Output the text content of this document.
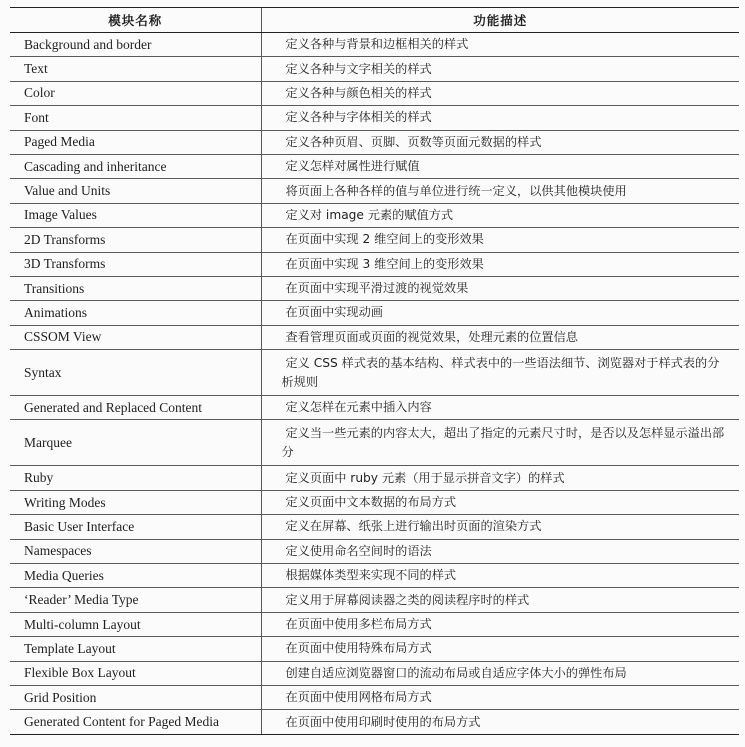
模块名称	功能描述
Background and border	定义各种与背景和边框相关的样式

Text	定义各种与文字相关的样式

Color	定义各种与颜色相关的样式

Font	定义各种与字体相关的样式

Paged Media	定义各种页眉、页脚、页数等页面元数据的样式

Cascading and inheritance	定义怎样对属性进行赋值

Value and Units	将页面上各种各样的值与单位进行统一定义，以供其他模块使用

Image Values	定义对 image 元素的赋值方式

2D Transforms	在页面中实现 2 维空间上的变形效果

3D Transforms	在页面中实现 3 维空间上的变形效果

Transitions	在页面中实现平滑过渡的视觉效果

Animations	在页面中实现动画

CSSOM View	查看管理页面或页面的视觉效果，处理元素的位置信息

Syntax	定义 CSS 样式表的基本结构、样式表中的一些语法细节、浏览器对于样式表的分析规则

Generated and Replaced Content	定义怎样在元素中插入内容

Marquee	定义当一些元素的内容太大，超出了指定的元素尺寸时，是否以及怎样显示溢出部分

Ruby	定义页面中 ruby 元素（用于显示拼音文字）的样式

Writing Modes	定义页面中文本数据的布局方式

Basic User Interface	定义在屏幕、纸张上进行输出时页面的渲染方式

Namespaces	定义使用命名空间时的语法

Media Queries	根据媒体类型来实现不同的样式

‘Reader’ Media Type	定义用于屏幕阅读器之类的阅读程序时的样式

Multi-column Layout	在页面中使用多栏布局方式

Template Layout	在页面中使用特殊布局方式

Flexible Box Layout	创建自适应浏览器窗口的流动布局或自适应字体大小的弹性布局

Grid Position	在页面中使用网格布局方式

Generated Content for Paged Media	在页面中使用印刷时使用的布局方式
